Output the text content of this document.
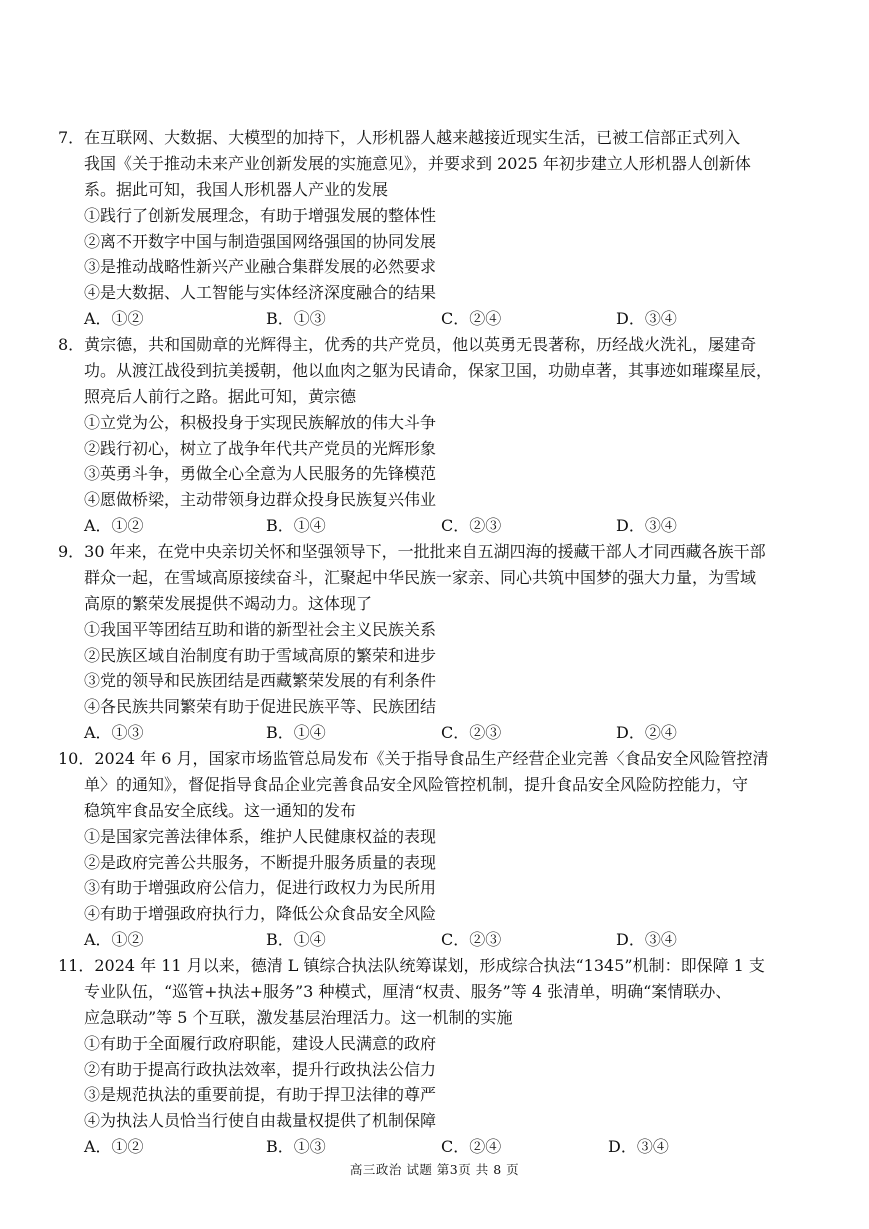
7．在互联网、大数据、大模型的加持下，人形机器人越来越接近现实生活，已被工信部正式列入
我国《关于推动未来产业创新发展的实施意见》，并要求到 2025 年初步建立人形机器人创新体
系。据此可知，我国人形机器人产业的发展
①践行了创新发展理念，有助于增强发展的整体性
②离不开数字中国与制造强国网络强国的协同发展
③是推动战略性新兴产业融合集群发展的必然要求
④是大数据、人工智能与实体经济深度融合的结果
A．①②	B．①③	C．②④	D．③④
8．黄宗德，共和国勋章的光辉得主，优秀的共产党员，他以英勇无畏著称，历经战火洗礼，屡建奇
功。从渡江战役到抗美援朝，他以血肉之躯为民请命，保家卫国，功勋卓著，其事迹如璀璨星辰，
照亮后人前行之路。据此可知，黄宗德
①立党为公，积极投身于实现民族解放的伟大斗争
②践行初心，树立了战争年代共产党员的光辉形象
③英勇斗争，勇做全心全意为人民服务的先锋模范
④愿做桥梁，主动带领身边群众投身民族复兴伟业
A．①②	B．①④	C．②③	D．③④
9．30 年来，在党中央亲切关怀和坚强领导下，一批批来自五湖四海的援藏干部人才同西藏各族干部
群众一起，在雪域高原接续奋斗，汇聚起中华民族一家亲、同心共筑中国梦的强大力量，为雪域
高原的繁荣发展提供不竭动力。这体现了
①我国平等团结互助和谐的新型社会主义民族关系
②民族区域自治制度有助于雪域高原的繁荣和进步
③党的领导和民族团结是西藏繁荣发展的有利条件
④各民族共同繁荣有助于促进民族平等、民族团结
A．①③	B．①④	C．②③	D．②④
10．2024 年 6 月，国家市场监管总局发布《关于指导食品生产经营企业完善〈食品安全风险管控清
单〉的通知》，督促指导食品企业完善食品安全风险管控机制，提升食品安全风险防控能力，守
稳筑牢食品安全底线。这一通知的发布
①是国家完善法律体系，维护人民健康权益的表现
②是政府完善公共服务，不断提升服务质量的表现
③有助于增强政府公信力，促进行政权力为民所用
④有助于增强政府执行力，降低公众食品安全风险
A．①②	B．①④	C．②③	D．③④
11．2024 年 11 月以来，德清 L 镇综合执法队统筹谋划，形成综合执法“1345”机制：即保障 1 支
专业队伍，“巡管+执法+服务”3 种模式，厘清“权责、服务”等 4 张清单，明确“案情联办、
应急联动”等 5 个互联，激发基层治理活力。这一机制的实施
①有助于全面履行政府职能，建设人民满意的政府
②有助于提高行政执法效率，提升行政执法公信力
③是规范执法的重要前提，有助于捍卫法律的尊严
④为执法人员恰当行使自由裁量权提供了机制保障
A．①②	B．①③	C．②④	D．③④
高三政治 试题 第3页 共 8 页
